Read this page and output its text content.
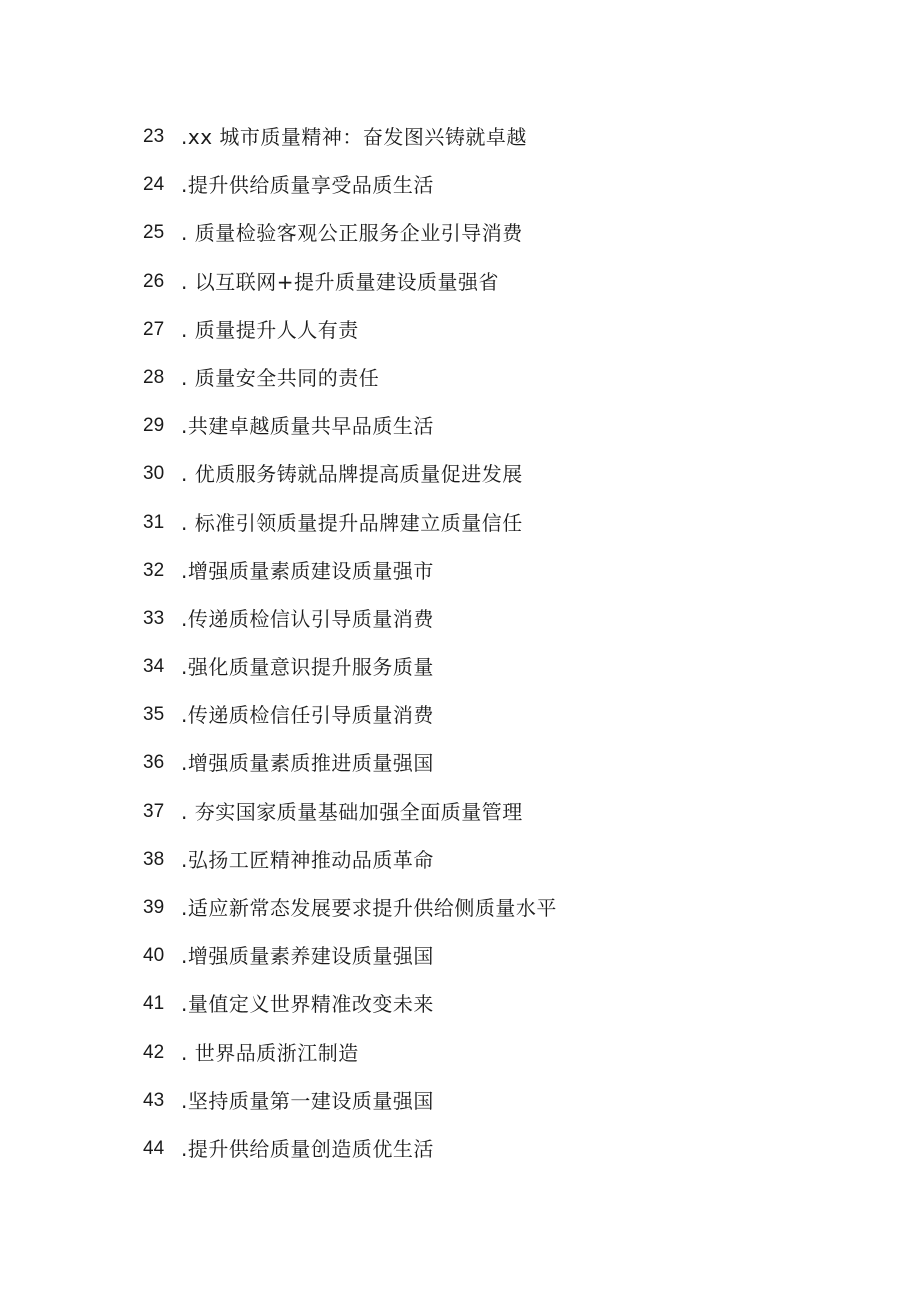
23 .xx 城市质量精神：奋发图兴铸就卓越
24 .提升供给质量享受品质生活
25 . 质量检验客观公正服务企业引导消费
26 . 以互联网+提升质量建设质量强省
27 . 质量提升人人有责
28 . 质量安全共同的责任
29 .共建卓越质量共早品质生活
30 . 优质服务铸就品牌提高质量促进发展
31 . 标准引领质量提升品牌建立质量信任
32 .增强质量素质建设质量强市
33 .传递质检信认引导质量消费
34 .强化质量意识提升服务质量
35 .传递质检信任引导质量消费
36 .增强质量素质推进质量强国
37 . 夯实国家质量基础加强全面质量管理
38 .弘扬工匠精神推动品质革命
39 .适应新常态发展要求提升供给侧质量水平
40 .增强质量素养建设质量强国
41 .量值定义世界精准改变未来
42 . 世界品质浙江制造
43 .坚持质量第一建设质量强国
44 .提升供给质量创造质优生活
